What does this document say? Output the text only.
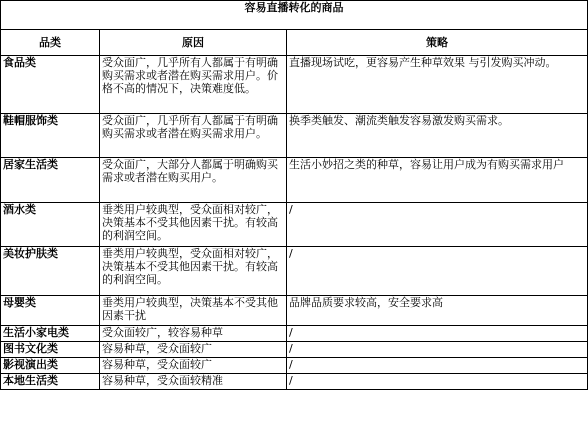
容易直播转化的商品		
品类	原因	策略
食品类	受众面广，几乎所有人都属于有明确购买需求或者潜在购买需求用户。价格不高的情况下，决策难度低。	直播现场试吃，更容易产生种草效果 与引发购买冲动。
鞋帽服饰类	受众面广，几乎所有人都属于有明确购买需求或者潜在购买需求用户。	换季类触发、潮流类触发容易激发购买需求。
居家生活类	受众面广，大部分人都属于明确购买需求或者潜在购买用户。	生活小妙招之类的种草，容易让用户成为有购买需求用户
酒水类	垂类用户较典型，受众面相对较广，决策基本不受其他因素干扰。有较高的利润空间。	/
美妆护肤类	垂类用户较典型，受众面相对较广，决策基本不受其他因素干扰。有较高的利润空间。	/
母婴类	垂类用户较典型，决策基本不受其他因素干扰	品牌品质要求较高，安全要求高
生活小家电类	受众面较广，较容易种草	/
图书文化类	容易种草，受众面较广	/
影视演出类	容易种草，受众面较广	/
本地生活类	容易种草，受众面较精准	/
